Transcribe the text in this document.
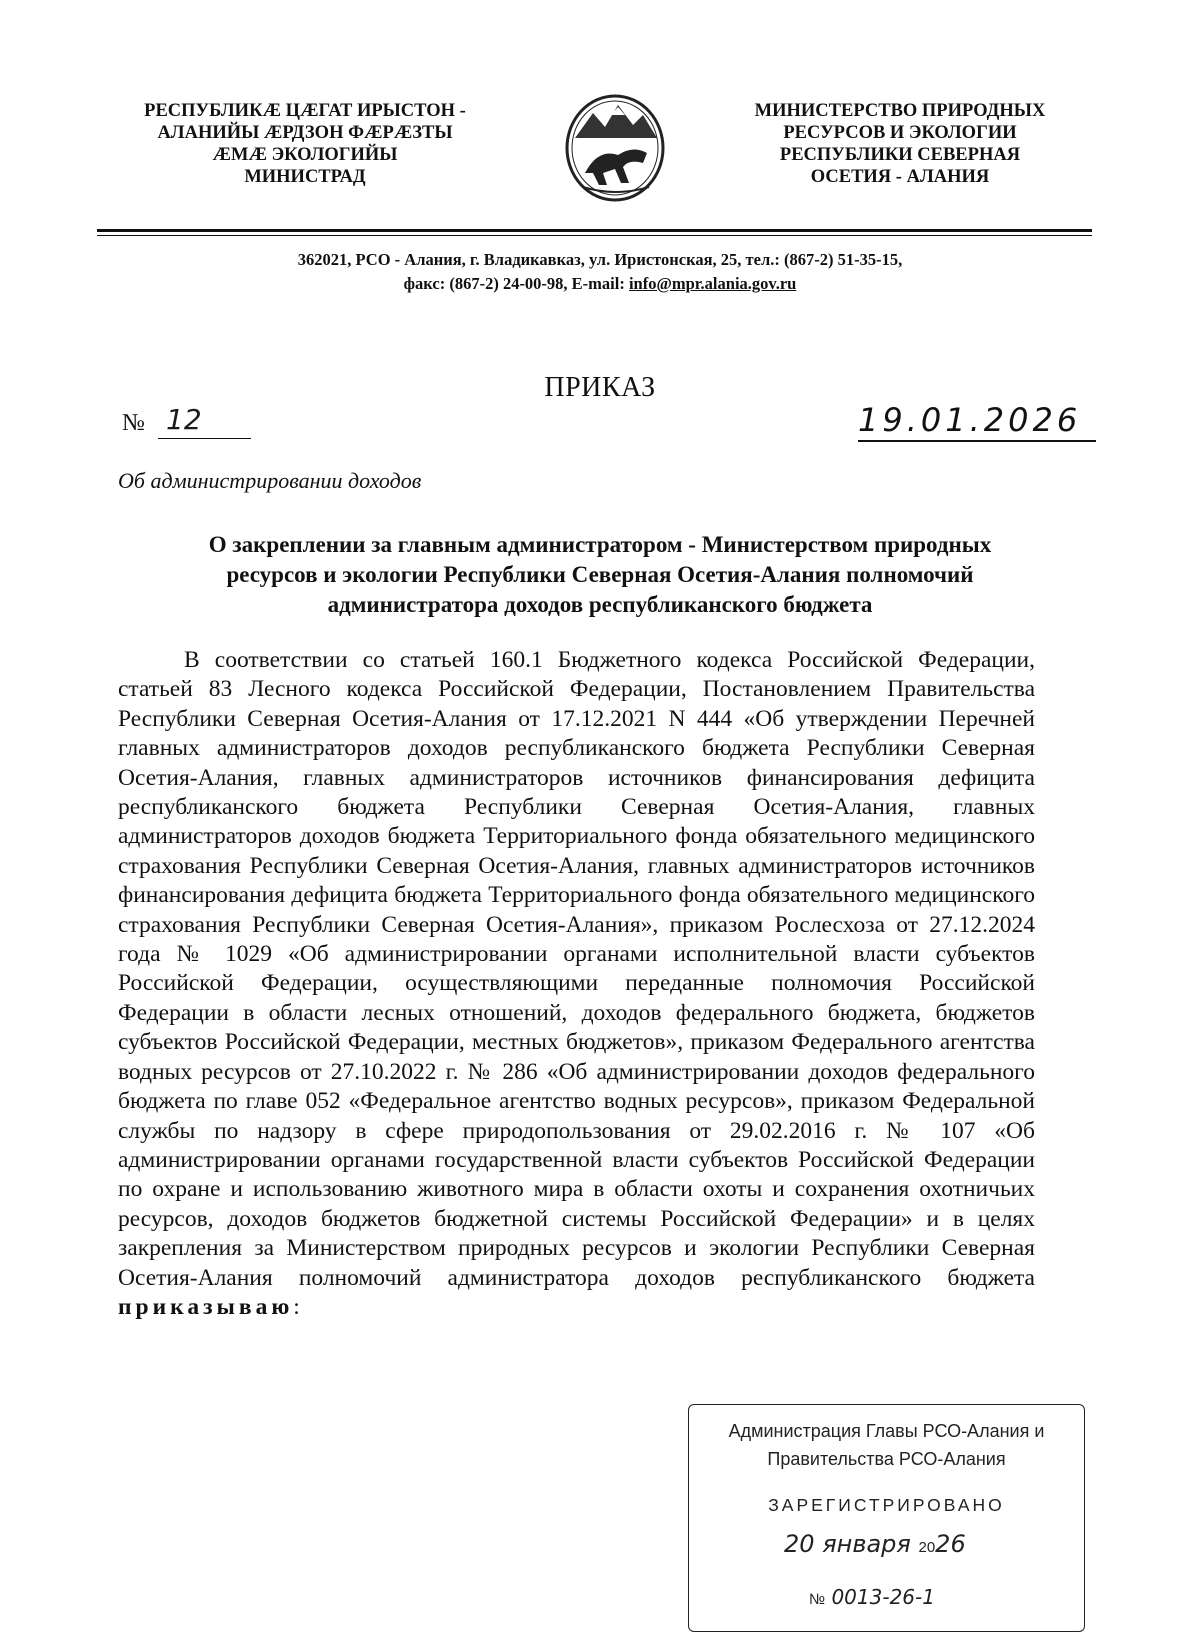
РЕСПУБЛИКÆ ЦÆГАТ ИРЫСТОН -
АЛАНИЙЫ ÆРДЗОН ФÆРÆЗТЫ
ÆМÆ ЭКОЛОГИЙЫ
МИНИСТРАД
МИНИСТЕРСТВО ПРИРОДНЫХ
РЕСУРСОВ И ЭКОЛОГИИ
РЕСПУБЛИКИ СЕВЕРНАЯ
ОСЕТИЯ - АЛАНИЯ
362021, РСО - Алания, г. Владикавказ, ул. Иристонская, 25, тел.: (867-2) 51-35-15,
факс: (867-2) 24-00-98, E-mail: info@mpr.alania.gov.ru
ПРИКАЗ
№ 12	19.01.2026
Об администрировании доходов
О закреплении за главным администратором - Министерством природных
ресурсов и экологии Республики Северная Осетия-Алания полномочий
администратора доходов республиканского бюджета

В соответствии со статьей 160.1 Бюджетного кодекса Российской Федерации, статьей 83 Лесного кодекса Российской Федерации, Постановлением Правительства Республики Северная Осетия-Алания от 17.12.2021 N 444 «Об утверждении Перечней главных администраторов доходов республиканского бюджета Республики Северная Осетия-Алания, главных администраторов источников финансирования дефицита республиканского бюджета Республики Северная Осетия-Алания, главных администраторов доходов бюджета Территориального фонда обязательного медицинского страхования Республики Северная Осетия-Алания, главных администраторов источников финансирования дефицита бюджета Территориального фонда обязательного медицинского страхования Республики Северная Осетия-Алания», приказом Рослесхоза от 27.12.2024 года № 1029 «Об администрировании органами исполнительной власти субъектов Российской Федерации, осуществляющими переданные полномочия Российской Федерации в области лесных отношений, доходов федерального бюджета, бюджетов субъектов Российской Федерации, местных бюджетов», приказом Федерального агентства водных ресурсов от 27.10.2022 г. № 286 «Об администрировании доходов федерального бюджета по главе 052 «Федеральное агентство водных ресурсов», приказом Федеральной службы по надзору в сфере природопользования от 29.02.2016 г. № 107 «Об администрировании органами государственной власти субъектов Российской Федерации по охране и использованию животного мира в области охоты и сохранения охотничьих ресурсов, доходов бюджетов бюджетной системы Российской Федерации» и в целях закрепления за Министерством природных ресурсов и экологии Республики Северная Осетия-Алания полномочий администратора доходов республиканского бюджета приказываю:

Администрация Главы РСО-Алания и
Правительства РСО-Алания
ЗАРЕГИСТРИРОВАНО
20 января 2026
№ 0013-26-1
